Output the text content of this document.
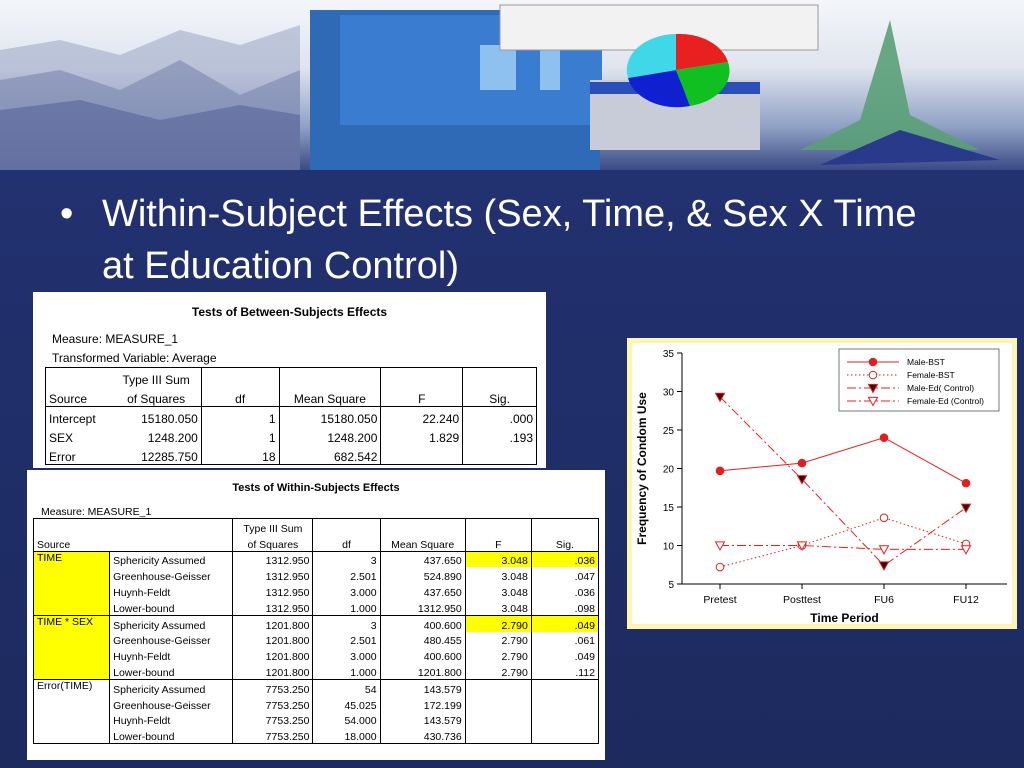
• Within-Subject Effects (Sex, Time, & Sex X Time at Education Control)
Tests of Between-Subjects Effects
Measure: MEASURE_1
Transformed Variable: Average
	Type III Sum				
Source	of Squares	df	Mean Square	F	Sig.
Intercept	15180.050	1	15180.050	22.240	.000
SEX	1248.200	1	1248.200	1.829	.193
Error	12285.750	18	682.542		
Tests of Within-Subjects Effects
Measure: MEASURE_1
		Type III Sum				
Source		of Squares	df	Mean Square	F	Sig.
TIME	Sphericity Assumed	1312.950	3	437.650	3.048	.036
	Greenhouse-Geisser	1312.950	2.501	524.890	3.048	.047
	Huynh-Feldt	1312.950	3.000	437.650	3.048	.036
	Lower-bound	1312.950	1.000	1312.950	3.048	.098
TIME * SEX	Sphericity Assumed	1201.800	3	400.600	2.790	.049
	Greenhouse-Geisser	1201.800	2.501	480.455	2.790	.061
	Huynh-Feldt	1201.800	3.000	400.600	2.790	.049
	Lower-bound	1201.800	1.000	1201.800	2.790	.112
Error(TIME)	Sphericity Assumed	7753.250	54	143.579		
	Greenhouse-Geisser	7753.250	45.025	172.199		
	Huynh-Feldt	7753.250	54.000	143.579		
	Lower-bound	7753.250	18.000	430.736		
5
10
15
20
25
30
35
Pretest	Posttest	FU6	FU12
Time Period
Frequency of Condom Use
Male-BST
Female-BST
Male-Ed( Control)
Female-Ed (Control)
